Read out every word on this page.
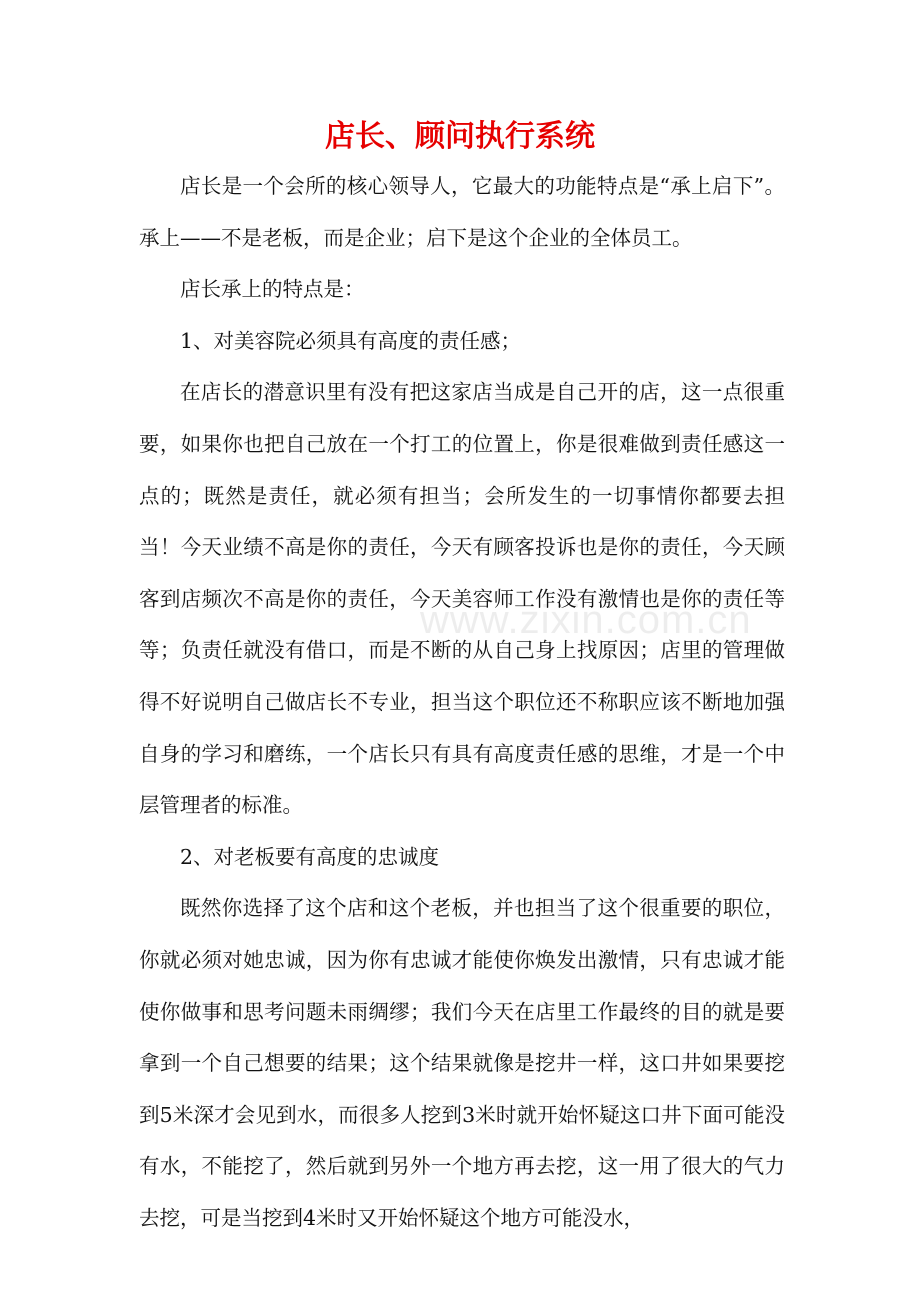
店长、顾问执行系统

店长是一个会所的核心领导人，它最大的功能特点是“承上启下”。承上——不是老板，而是企业；启下是这个企业的全体员工。

店长承上的特点是：

1、对美容院必须具有高度的责任感；

在店长的潜意识里有没有把这家店当成是自己开的店，这一点很重要，如果你也把自己放在一个打工的位置上，你是很难做到责任感这一点的；既然是责任，就必须有担当；会所发生的一切事情你都要去担当！今天业绩不高是你的责任，今天有顾客投诉也是你的责任，今天顾客到店频次不高是你的责任，今天美容师工作没有激情也是你的责任等等；负责任就没有借口，而是不断的从自己身上找原因；店里的管理做得不好说明自己做店长不专业，担当这个职位还不称职应该不断地加强自身的学习和磨练，一个店长只有具有高度责任感的思维，才是一个中层管理者的标准。

2、对老板要有高度的忠诚度

既然你选择了这个店和这个老板，并也担当了这个很重要的职位，你就必须对她忠诚，因为你有忠诚才能使你焕发出激情，只有忠诚才能使你做事和思考问题未雨绸缪；我们今天在店里工作最终的目的就是要拿到一个自己想要的结果；这个结果就像是挖井一样，这口井如果要挖到5米深才会见到水，而很多人挖到3米时就开始怀疑这口井下面可能没有水，不能挖了，然后就到另外一个地方再去挖，这一用了很大的气力去挖，可是当挖到4米时又开始怀疑这个地方可能没水，

www.zixin.com.cn
